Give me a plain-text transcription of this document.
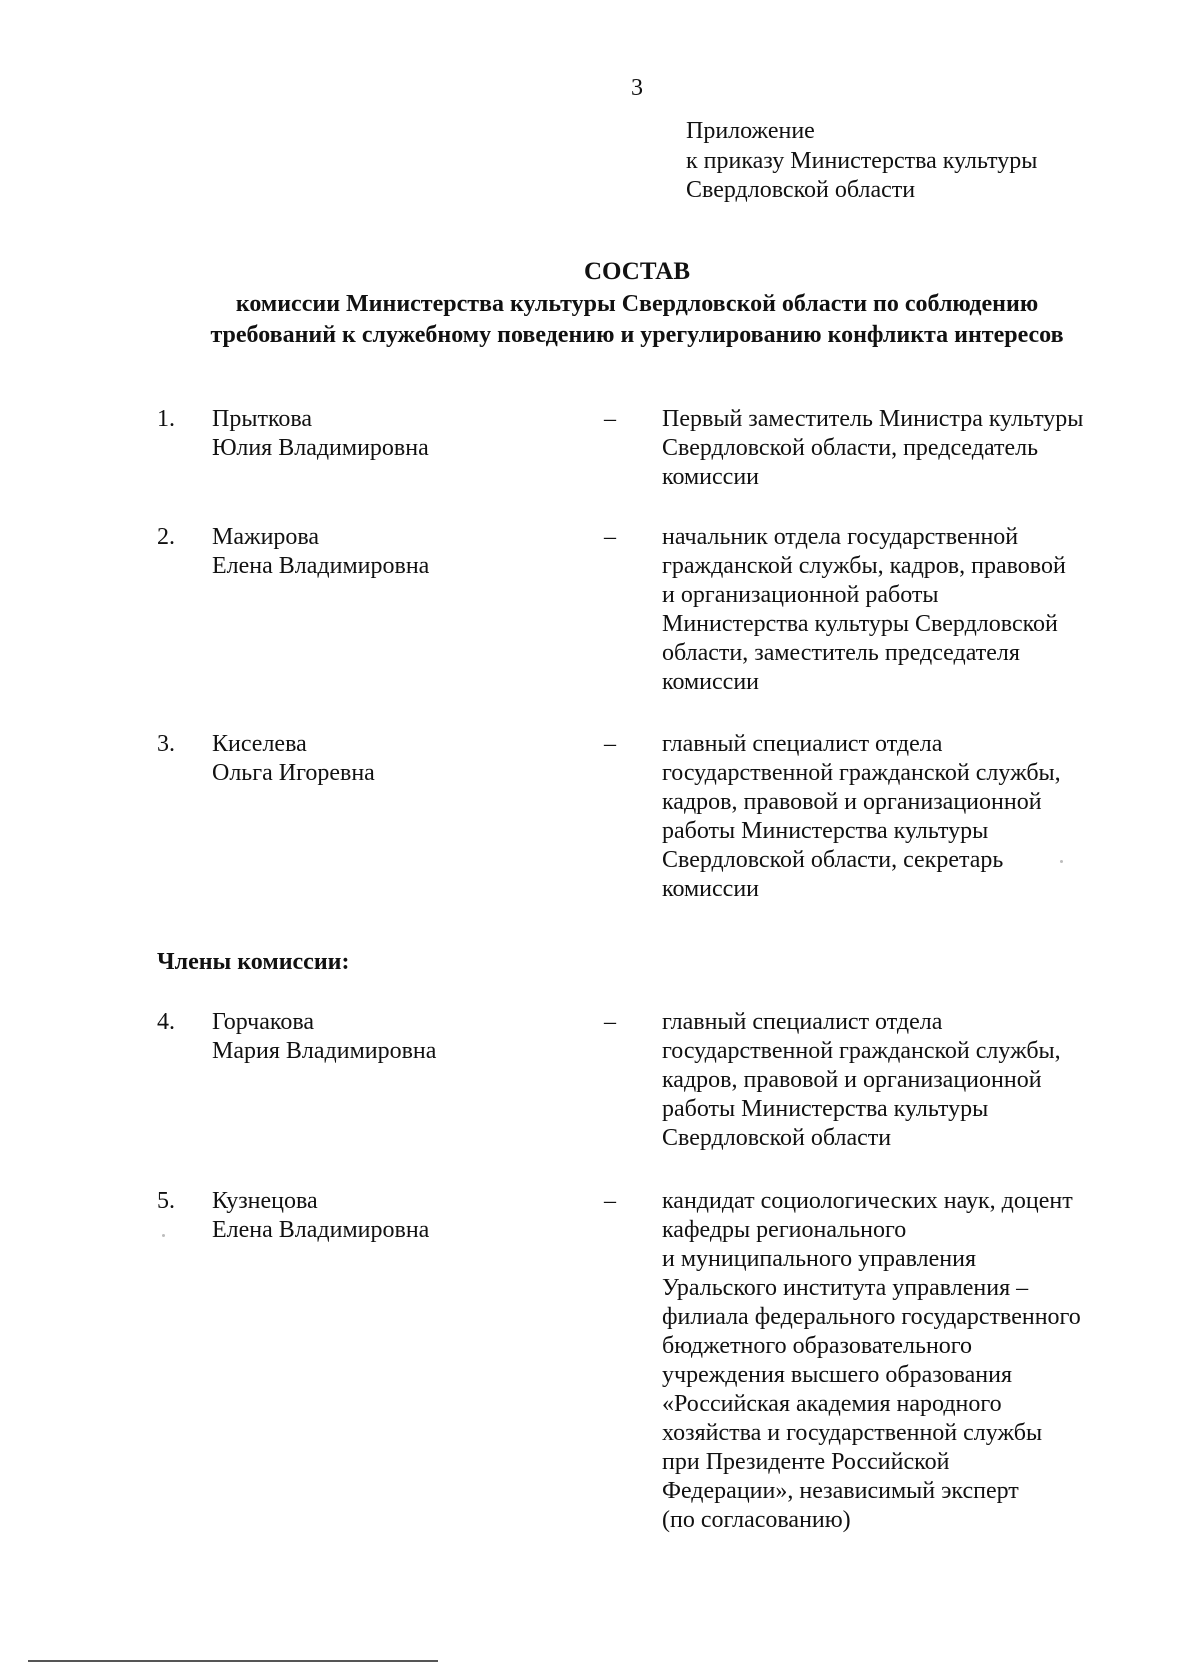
3
Приложение
к приказу Министерства культуры
Свердловской области
СОСТАВ
комиссии Министерства культуры Свердловской области по соблюдению
требований к служебному поведению и урегулированию конфликта интересов
1. Прыткова
Юлия Владимировна
– Первый заместитель Министра культуры
Свердловской области, председатель
комиссии
2. Мажирова
Елена Владимировна
– начальник отдела государственной
гражданской службы, кадров, правовой
и организационной работы
Министерства культуры Свердловской
области, заместитель председателя
комиссии
3. Киселева
Ольга Игоревна
– главный специалист отдела
государственной гражданской службы,
кадров, правовой и организационной
работы Министерства культуры
Свердловской области, секретарь
комиссии
Члены комиссии:
4. Горчакова
Мария Владимировна
– главный специалист отдела
государственной гражданской службы,
кадров, правовой и организационной
работы Министерства культуры
Свердловской области
5. Кузнецова
Елена Владимировна
– кандидат социологических наук, доцент
кафедры регионального
и муниципального управления
Уральского института управления –
филиала федерального государственного
бюджетного образовательного
учреждения высшего образования
«Российская академия народного
хозяйства и государственной службы
при Президенте Российской
Федерации», независимый эксперт
(по согласованию)
